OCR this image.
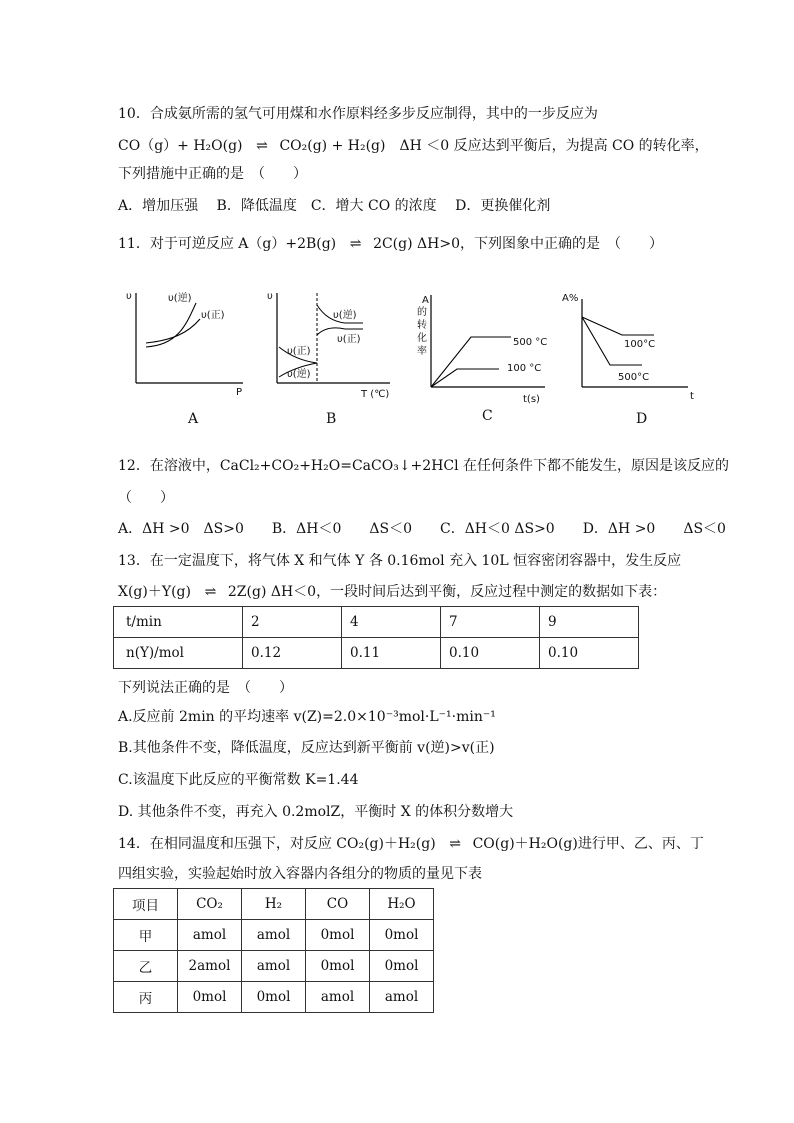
10．合成氨所需的氢气可用煤和水作原料经多步反应制得，其中的一步反应为
CO（g）+ H₂O(g) ⇌ CO₂(g) + H₂(g)　ΔH ＜0 反应达到平衡后，为提高 CO 的转化率，
下列措施中正确的是　（　　）
A．增加压强　 B．降低温度　C．增大 CO 的浓度　 D．更换催化剂
11．对于可逆反应 A（g）+2B(g) ⇌ 2C(g) ΔH>0，下列图象中正确的是　（　　）
υ
P
υ(逆)
υ(正)
A
υ
T (℃)
υ(逆)
υ(正)
υ(正)
υ(逆)
B
A
的
转
化
率
500 °C
100 °C
t(s)
C
A%
100°C
500°C
t
D
12．在溶液中，CaCl₂+CO₂+H₂O=CaCO₃↓+2HCl 在任何条件下都不能发生，原因是该反应的
（　　）
A．ΔH >0　ΔS>0　　B．ΔH＜0　　ΔS＜0　　C．ΔH＜0 ΔS>0　　D．ΔH >0　　ΔS＜0
13．在一定温度下，将气体 X 和气体 Y 各 0.16mol 充入 10L 恒容密闭容器中，发生反应
X(g)＋Y(g) ⇌ 2Z(g) ΔH＜0，一段时间后达到平衡，反应过程中测定的数据如下表：
t/min	2	4	7	9
n(Y)/mol	0.12	0.11	0.10	0.10
下列说法正确的是　（　　）
A.反应前 2min 的平均速率 v(Z)=2.0×10⁻³mol·L⁻¹·min⁻¹
B.其他条件不变，降低温度，反应达到新平衡前 v(逆)>v(正)
C.该温度下此反应的平衡常数 K=1.44
D. 其他条件不变，再充入 0.2molZ，平衡时 X 的体积分数增大
14．在相同温度和压强下，对反应 CO₂(g)＋H₂(g) ⇌ CO(g)＋H₂O(g)进行甲、乙、丙、丁
四组实验，实验起始时放入容器内各组分的物质的量见下表
项目	CO₂	H₂	CO	H₂O
甲	amol	amol	0mol	0mol
乙	2amol	amol	0mol	0mol
丙	0mol	0mol	amol	amol
